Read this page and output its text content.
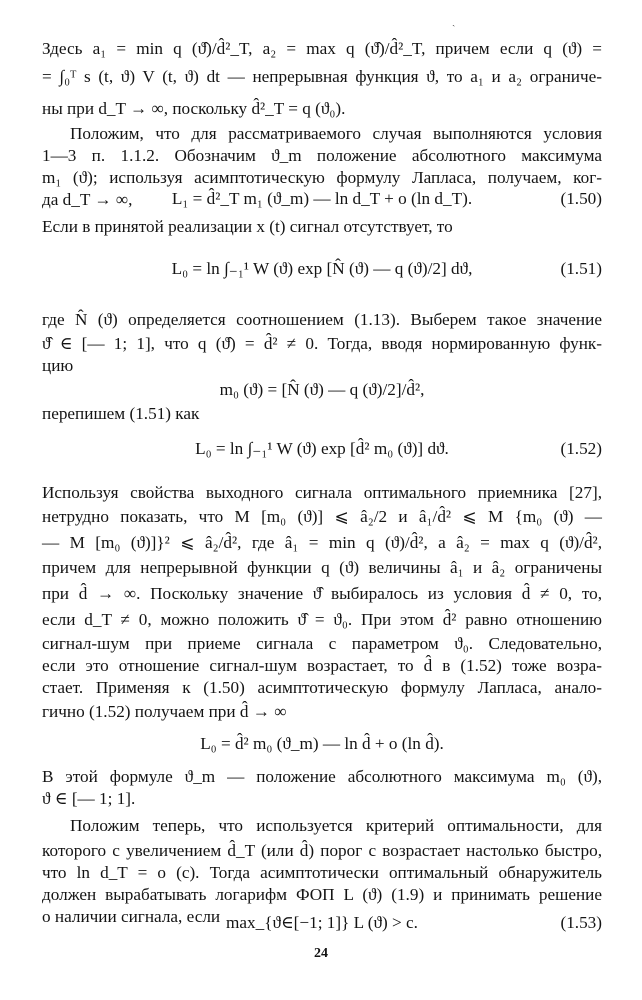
ˏ
Здесь a₁ = min q (ϑ̂)/d̂²_T, a₂ = max q (ϑ̂)/d̂²_T, причем если q (ϑ) =
= ∫₀ᵀ s (t, ϑ) V (t, ϑ) dt — непрерывная функция ϑ, то a₁ и a₂ ограниче-
ны при d_T → ∞, поскольку d̂²_T = q (ϑ₀).
Положим, что для рассматриваемого случая выполняются условия
1—3 п. 1.1.2. Обозначим ϑ_m положение абсолютного максимума
m₁ (ϑ); используя асимптотическую формулу Лапласа, получаем, ког-
да d_T → ∞,	L₁ = d̂²_T m₁ (ϑ_m) — ln d_T + o (ln d_T).	(1.50)
Если в принятой реализации x (t) сигнал отсутствует, то
L₀ = ln ∫₋₁¹ W (ϑ) exp [N̂ (ϑ) — q (ϑ)/2] dϑ,	(1.51)
где N̂ (ϑ) определяется соотношением (1.13). Выберем такое значение
ϑ̂ ∈ [— 1; 1], что q (ϑ̂) = d̂² ≠ 0. Тогда, вводя нормированную функ-
цию
m₀ (ϑ) = [N̂ (ϑ) — q (ϑ)/2]/d̂²,
перепишем (1.51) как
L₀ = ln ∫₋₁¹ W (ϑ) exp [d̂² m₀ (ϑ)] dϑ.	(1.52)
Используя свойства выходного сигнала оптимального приемника [27],
нетрудно показать, что M [m₀ (ϑ)] ⩽ â₂/2 и â₁/d̂² ⩽ M {m₀ (ϑ) —
— M [m₀ (ϑ)]}² ⩽ â₂/d̂², где â₁ = min q (ϑ)/d̂², а â₂ = max q (ϑ)/d̂²,
причем для непрерывной функции q (ϑ) величины â₁ и â₂ ограничены
при d̂ → ∞. Поскольку значение ϑ̂ выбиралось из условия d̂ ≠ 0, то,
если d_T ≠ 0, можно положить ϑ̂ = ϑ₀. При этом d̂² равно отношению
сигнал-шум при приеме сигнала с параметром ϑ₀. Следовательно,
если это отношение сигнал-шум возрастает, то d̂ в (1.52) тоже возра-
стает. Применяя к (1.50) асимптотическую формулу Лапласа, анало-
гично (1.52) получаем при d̂ → ∞
L₀ = d̂² m₀ (ϑ_m) — ln d̂ + o (ln d̂).
В этой формуле ϑ_m — положение абсолютного максимума m₀ (ϑ),
ϑ ∈ [— 1; 1].
Положим теперь, что используется критерий оптимальности, для
которого с увеличением d̂_T (или d̂) порог c возрастает настолько быстро,
что ln d_T = o (c). Тогда асимптотически оптимальный обнаружитель
должен вырабатывать логарифм ФОП L (ϑ) (1.9) и принимать решение
о наличии сигнала, если max_{ϑ∈[−1; 1]} L (ϑ) > c.	(1.53)
24
